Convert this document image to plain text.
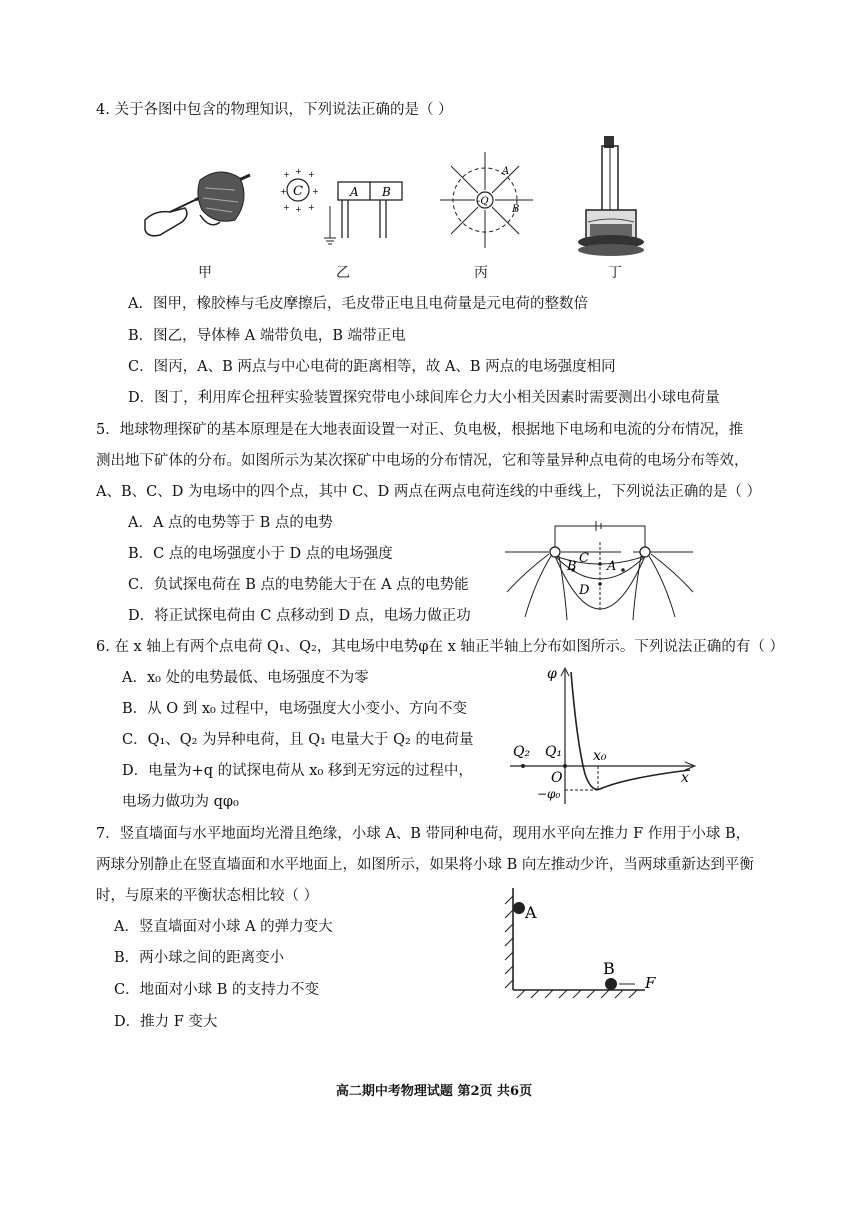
4. 关于各图中包含的物理知识，下列说法正确的是（ ）
甲
C
+ +
+	+
+ +
+
+
A B
乙
-Q
A
B
丙	丁
A．图甲，橡胶棒与毛皮摩擦后，毛皮带正电且电荷量是元电荷的整数倍
B．图乙，导体棒 A 端带负电，B 端带正电
C．图丙，A、B 两点与中心电荷的距离相等，故 A、B 两点的电场强度相同
D．图丁，利用库仑扭秤实验装置探究带电小球间库仑力大小相关因素时需要测出小球电荷量
5．地球物理探矿的基本原理是在大地表面设置一对正、负电极，根据地下电场和电流的分布情况，推
测出地下矿体的分布。如图所示为某次探矿中电场的分布情况，它和等量异种点电荷的电场分布等效，
A、B、C、D 为电场中的四个点，其中 C、D 两点在两点电荷连线的中垂线上，下列说法正确的是（ ）
A．A 点的电势等于 B 点的电势
B．C 点的电场强度小于 D 点的电场强度
C．负试探电荷在 B 点的电势能大于在 A 点的电势能
D．将正试探电荷由 C 点移动到 D 点，电场力做正功
C
B A
D
6. 在 x 轴上有两个点电荷 Q₁、Q₂，其电场中电势φ在 x 轴正半轴上分布如图所示。下列说法正确的有（ ）
A．x₀ 处的电势最低、电场强度不为零
B．从 O 到 x₀ 过程中，电场强度大小变小、方向不变
C．Q₁、Q₂ 为异种电荷，且 Q₁ 电量大于 Q₂ 的电荷量
D．电量为+q 的试探电荷从 x₀ 移到无穷远的过程中，
电场力做功为 qφ₀
φ
Q₂ Q₁ x₀
O	x
−φ₀
7．竖直墙面与水平地面均光滑且绝缘，小球 A、B 带同种电荷，现用水平向左推力 F 作用于小球 B，
两球分别静止在竖直墙面和水平地面上，如图所示，如果将小球 B 向左推动少许，当两球重新达到平衡
时，与原来的平衡状态相比较（ ）
A．竖直墙面对小球 A 的弹力变大
B．两小球之间的距离变小
C．地面对小球 B 的支持力不变
D．推力 F 变大
A
B
F
高二期中考物理试题 第2页 共6页
